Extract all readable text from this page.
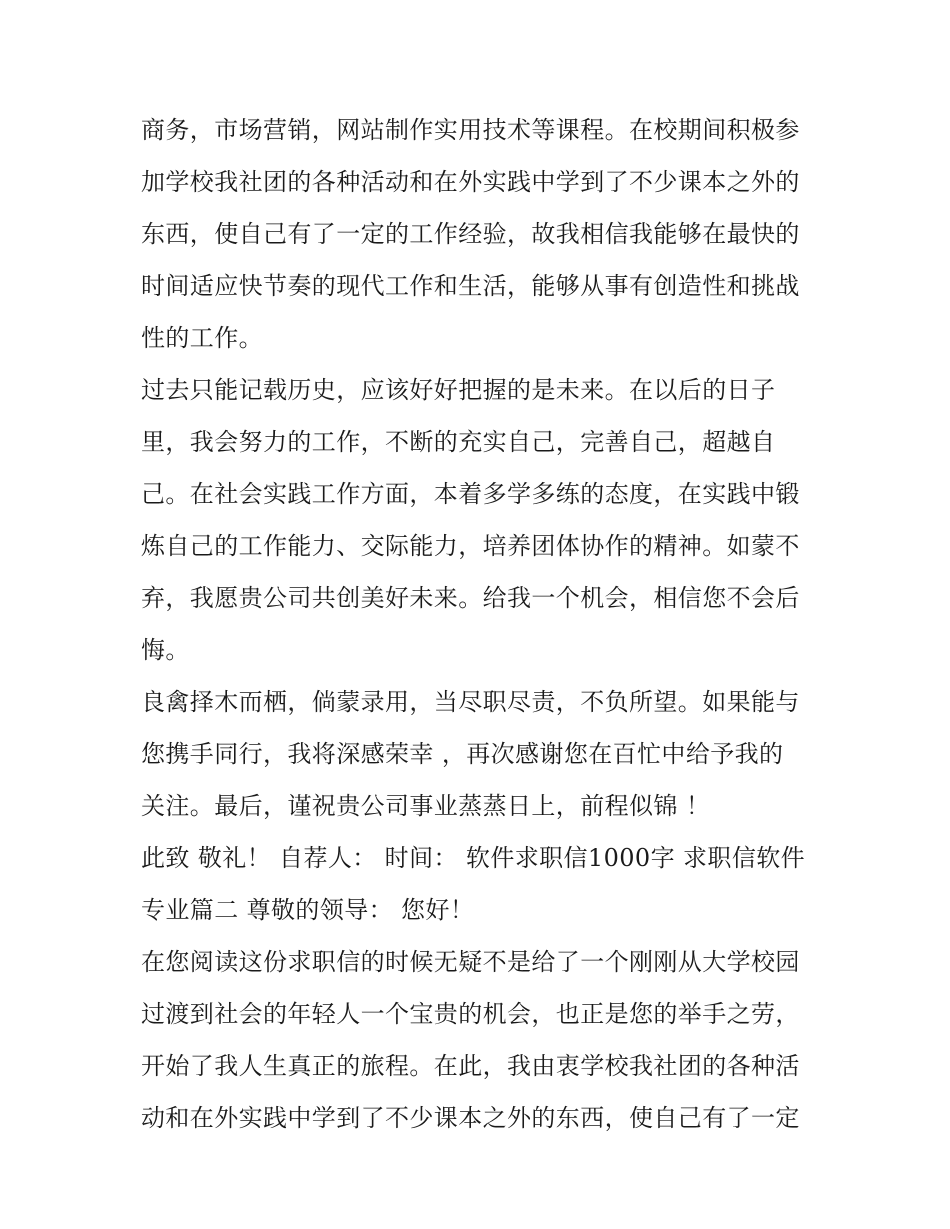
商务，市场营销，网站制作实用技术等课程。在校期间积极参
加学校我社团的各种活动和在外实践中学到了不少课本之外的
东西，使自己有了一定的工作经验，故我相信我能够在最快的
时间适应快节奏的现代工作和生活，能够从事有创造性和挑战
性的工作。
过去只能记载历史，应该好好把握的是未来。在以后的日子
里，我会努力的工作，不断的充实自己，完善自己，超越自
己。在社会实践工作方面，本着多学多练的态度，在实践中锻
炼自己的工作能力、交际能力，培养团体协作的精神。如蒙不
弃，我愿贵公司共创美好未来。给我一个机会，相信您不会后
悔。
良禽择木而栖，倘蒙录用，当尽职尽责，不负所望。如果能与
您携手同行，我将深感荣幸 ，再次感谢您在百忙中给予我的
关注。最后，谨祝贵公司事业蒸蒸日上，前程似锦 ！
此致 敬礼！ 自荐人： 时间： 软件求职信1000字 求职信软件
专业篇二 尊敬的领导： 您好！
在您阅读这份求职信的时候无疑不是给了一个刚刚从大学校园
过渡到社会的年轻人一个宝贵的机会，也正是您的举手之劳，
开始了我人生真正的旅程。在此，我由衷学校我社团的各种活
动和在外实践中学到了不少课本之外的东西，使自己有了一定
